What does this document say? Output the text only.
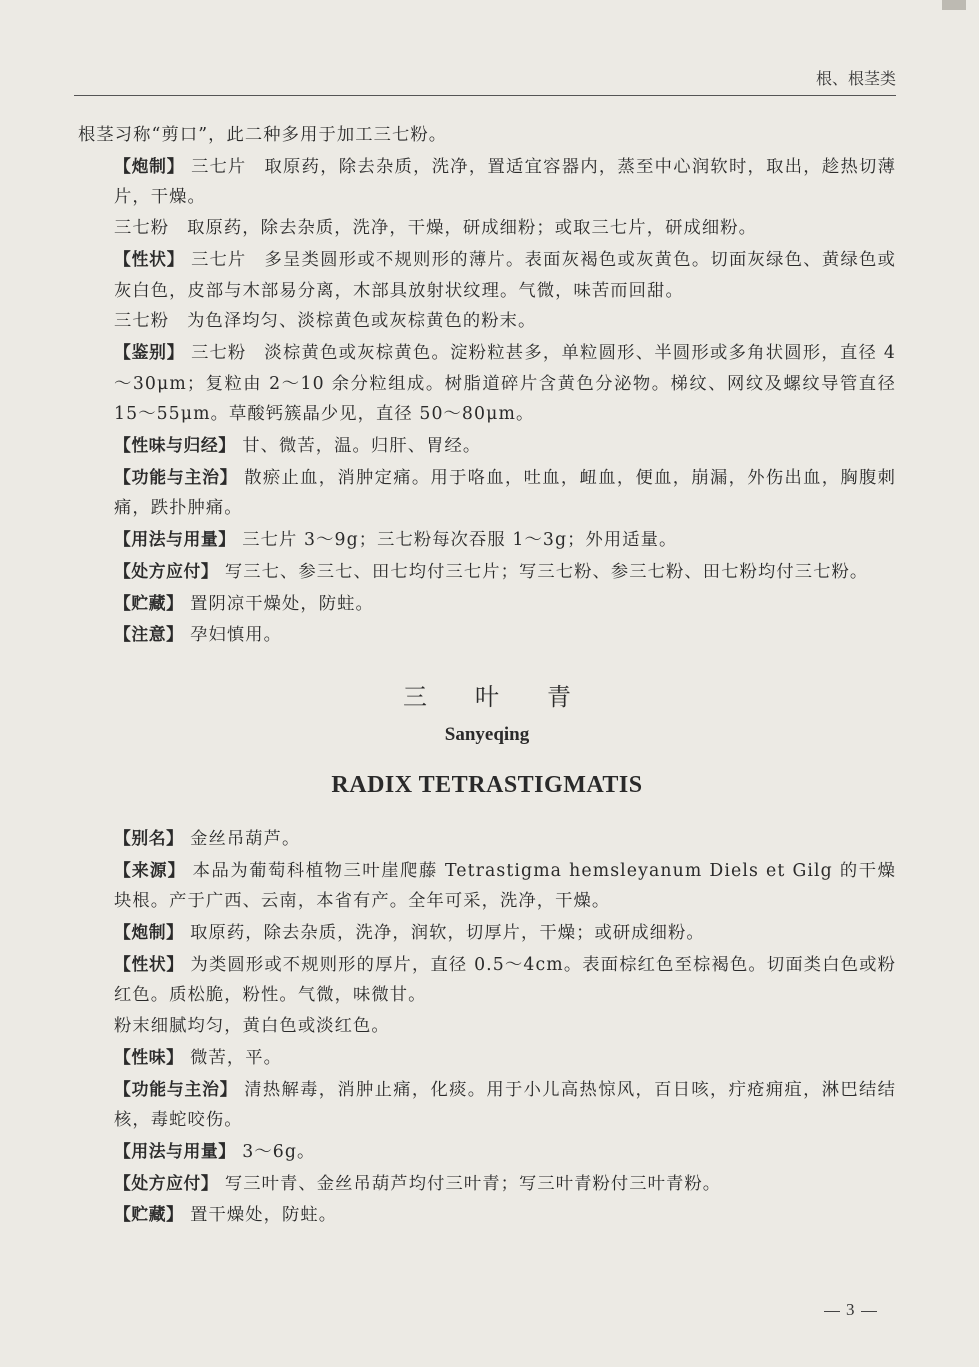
根、根茎类
根茎习称“剪口”，此二种多用于加工三七粉。
【炮制】 三七片 取原药，除去杂质，洗净，置适宜容器内，蒸至中心润软时，取出，趁热切薄片，干燥。
三七粉 取原药，除去杂质，洗净，干燥，研成细粉；或取三七片，研成细粉。
【性状】 三七片 多呈类圆形或不规则形的薄片。表面灰褐色或灰黄色。切面灰绿色、黄绿色或灰白色，皮部与木部易分离，木部具放射状纹理。气微，味苦而回甜。
三七粉 为色泽均匀、淡棕黄色或灰棕黄色的粉末。
【鉴别】 三七粉 淡棕黄色或灰棕黄色。淀粉粒甚多，单粒圆形、半圆形或多角状圆形，直径 4～30μm；复粒由 2～10 余分粒组成。树脂道碎片含黄色分泌物。梯纹、网纹及螺纹导管直径 15～55μm。草酸钙簇晶少见，直径 50～80μm。
【性味与归经】 甘、微苦，温。归肝、胃经。
【功能与主治】 散瘀止血，消肿定痛。用于咯血，吐血，衄血，便血，崩漏，外伤出血，胸腹刺痛，跌扑肿痛。
【用法与用量】 三七片 3～9g；三七粉每次吞服 1～3g；外用适量。
【处方应付】 写三七、参三七、田七均付三七片；写三七粉、参三七粉、田七粉均付三七粉。
【贮藏】 置阴凉干燥处，防蛀。
【注意】 孕妇慎用。
三叶青
Sanyeqing
RADIX TETRASTIGMATIS
【别名】 金丝吊葫芦。
【来源】 本品为葡萄科植物三叶崖爬藤 Tetrastigma hemsleyanum Diels et Gilg 的干燥块根。产于广西、云南，本省有产。全年可采，洗净，干燥。
【炮制】 取原药，除去杂质，洗净，润软，切厚片，干燥；或研成细粉。
【性状】 为类圆形或不规则形的厚片，直径 0.5～4cm。表面棕红色至棕褐色。切面类白色或粉红色。质松脆，粉性。气微，味微甘。
粉末细腻均匀，黄白色或淡红色。
【性味】 微苦，平。
【功能与主治】 清热解毒，消肿止痛，化痰。用于小儿高热惊风，百日咳，疔疮痈疽，淋巴结结核，毒蛇咬伤。
【用法与用量】 3～6g。
【处方应付】 写三叶青、金丝吊葫芦均付三叶青；写三叶青粉付三叶青粉。
【贮藏】 置干燥处，防蛀。
3
